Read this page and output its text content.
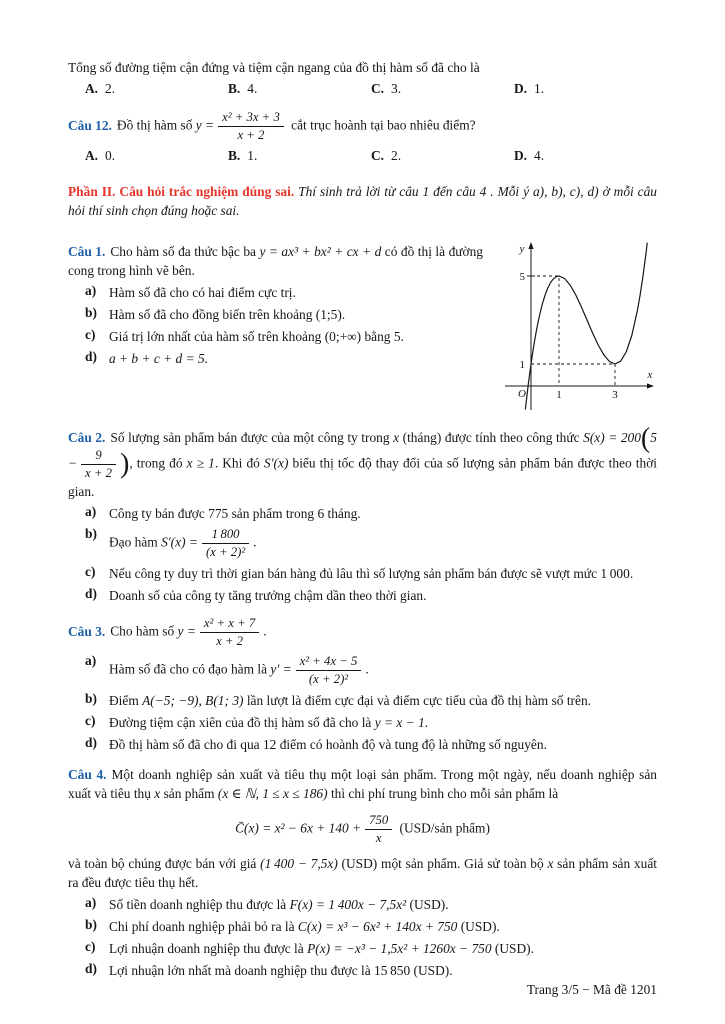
Tổng số đường tiệm cận đứng và tiệm cận ngang của đồ thị hàm số đã cho là

A. 2.	B. 4.	C. 3.	D. 1.

Câu 12. Đồ thị hàm số $y = \frac{\text{x² + 3x + 3}}{x + 2}$ cắt trục hoành tại bao nhiêu điểm?

A. 0.	B. 1.	C. 2.	D. 4.

Phần II. Câu hỏi trắc nghiệm đúng sai. Thí sinh trả lời từ câu 1 đến câu 4 . Mỗi ý a), b), c), d) ở mỗi câu hỏi thí sinh chọn đúng hoặc sai.

Câu 1. Cho hàm số đa thức bậc ba y = ax³ + bx² + cx + d có đồ thị là đường cong trong hình vẽ bên.

a) Hàm số đã cho có hai điểm cực trị.
b) Hàm số đã cho đồng biến trên khoảng (1;5).
c)	Giá trị lớn nhất của hàm số trên khoảng (0;+∞) bằng 5.
d) a + b + c + d = 5.
y
x
O
5
1
1	3

Câu 2. Số lượng sản phẩm bán được của một công ty trong x (tháng) được tính theo công thức $S(x) = 200(5 - \frac{9}{x + 2}$ ), trong đó x ≥ 1. Khi đó S′(x) biểu thị tốc độ thay đổi của số lượng sản phẩm bán được theo thời gian.

a) Công ty bán được 775 sản phẩm trong 6 tháng.
b)
Đạo hàm $S'(x) = \frac{1 800}{\text{(x + 2)²}}$ .
c)	Nếu công ty duy trì thời gian bán hàng đủ lâu thì số lượng sản phẩm bán được sẽ vượt mức 1 000.
d) Doanh số của công ty tăng trưởng chậm dần theo thời gian.

Câu 3. Cho hàm số $y = \frac{\text{x² + x + 7}}{x + 2}$ .

a)
Hàm số đã cho có đạo hàm là $y' = \frac{\text{x² + 4x − 5}}{\text{(x + 2)²}}$ .
b) Điểm A(−5; −9), B(1; 3) lần lượt là điểm cực đại và điểm cực tiểu của đồ thị hàm số trên.
c)	Đường tiệm cận xiên của đồ thị hàm số đã cho là y = x − 1.
d) Đồ thị hàm số đã cho đi qua 12 điểm có hoành độ và tung độ là những số nguyên.

Câu 4. Một doanh nghiệp sản xuất và tiêu thụ một loại sản phẩm. Trong một ngày, nếu doanh nghiệp sản xuất và tiêu thụ x sản phẩm (x ∈ ℕ, 1 ≤ x ≤ 186) thì chi phí trung bình cho mỗi sản phẩm là

C̄(x) = $x^2 - 6x + 140 + \frac{750}{x}$ (USD/sản phẩm)

và toàn bộ chúng được bán với giá (1 400 − 7,5x) (USD) một sản phẩm. Giả sử toàn bộ x sản phẩm sản xuất ra đều được tiêu thụ hết.

a) Số tiền doanh nghiệp thu được là F(x) = 1 400x − 7,5x² (USD).
b) Chi phí doanh nghiệp phải bỏ ra là C(x) = x³ − 6x² + 140x + 750 (USD).
c)	Lợi nhuận doanh nghiệp thu được là P(x) = −x³ − 1,5x² + 1260x − 750 (USD).
d) Lợi nhuận lớn nhất mà doanh nghiệp thu được là 15 850 (USD).
Trang 3/5 − Mã đề 1201
